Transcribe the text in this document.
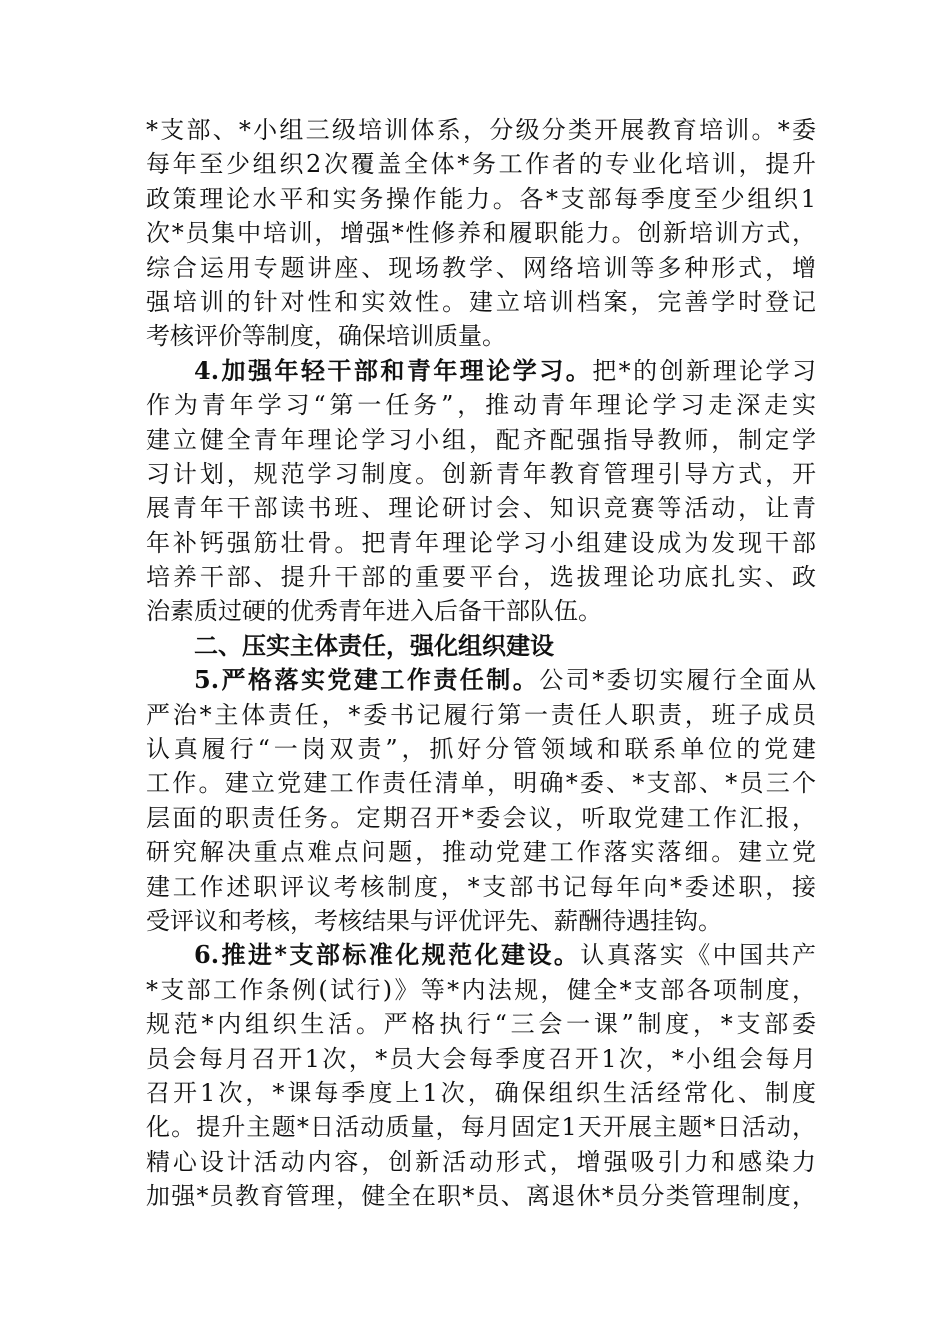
*支部、*小组三级培训体系，分级分类开展教育培训。*委
每年至少组织2次覆盖全体*务工作者的专业化培训，提升
政策理论水平和实务操作能力。各*支部每季度至少组织1
次*员集中培训，增强*性修养和履职能力。创新培训方式，
综合运用专题讲座、现场教学、网络培训等多种形式，增
强培训的针对性和实效性。建立培训档案，完善学时登记
考核评价等制度，确保培训质量。
4.加强年轻干部和青年理论学习。把*的创新理论学习
作为青年学习“第一任务”，推动青年理论学习走深走实
建立健全青年理论学习小组，配齐配强指导教师，制定学
习计划，规范学习制度。创新青年教育管理引导方式，开
展青年干部读书班、理论研讨会、知识竞赛等活动，让青
年补钙强筋壮骨。把青年理论学习小组建设成为发现干部
培养干部、提升干部的重要平台，选拔理论功底扎实、政
治素质过硬的优秀青年进入后备干部队伍。
二、压实主体责任，强化组织建设
5.严格落实党建工作责任制。公司*委切实履行全面从
严治*主体责任，*委书记履行第一责任人职责，班子成员
认真履行“一岗双责”，抓好分管领域和联系单位的党建
工作。建立党建工作责任清单，明确*委、*支部、*员三个
层面的职责任务。定期召开*委会议，听取党建工作汇报，
研究解决重点难点问题，推动党建工作落实落细。建立党
建工作述职评议考核制度，*支部书记每年向*委述职，接
受评议和考核，考核结果与评优评先、薪酬待遇挂钩。
6.推进*支部标准化规范化建设。认真落实《中国共产
*支部工作条例(试行)》等*内法规，健全*支部各项制度，
规范*内组织生活。严格执行“三会一课”制度，*支部委
员会每月召开1次，*员大会每季度召开1次，*小组会每月
召开1次，*课每季度上1次，确保组织生活经常化、制度
化。提升主题*日活动质量，每月固定1天开展主题*日活动，
精心设计活动内容，创新活动形式，增强吸引力和感染力
加强*员教育管理，健全在职*员、离退休*员分类管理制度，
